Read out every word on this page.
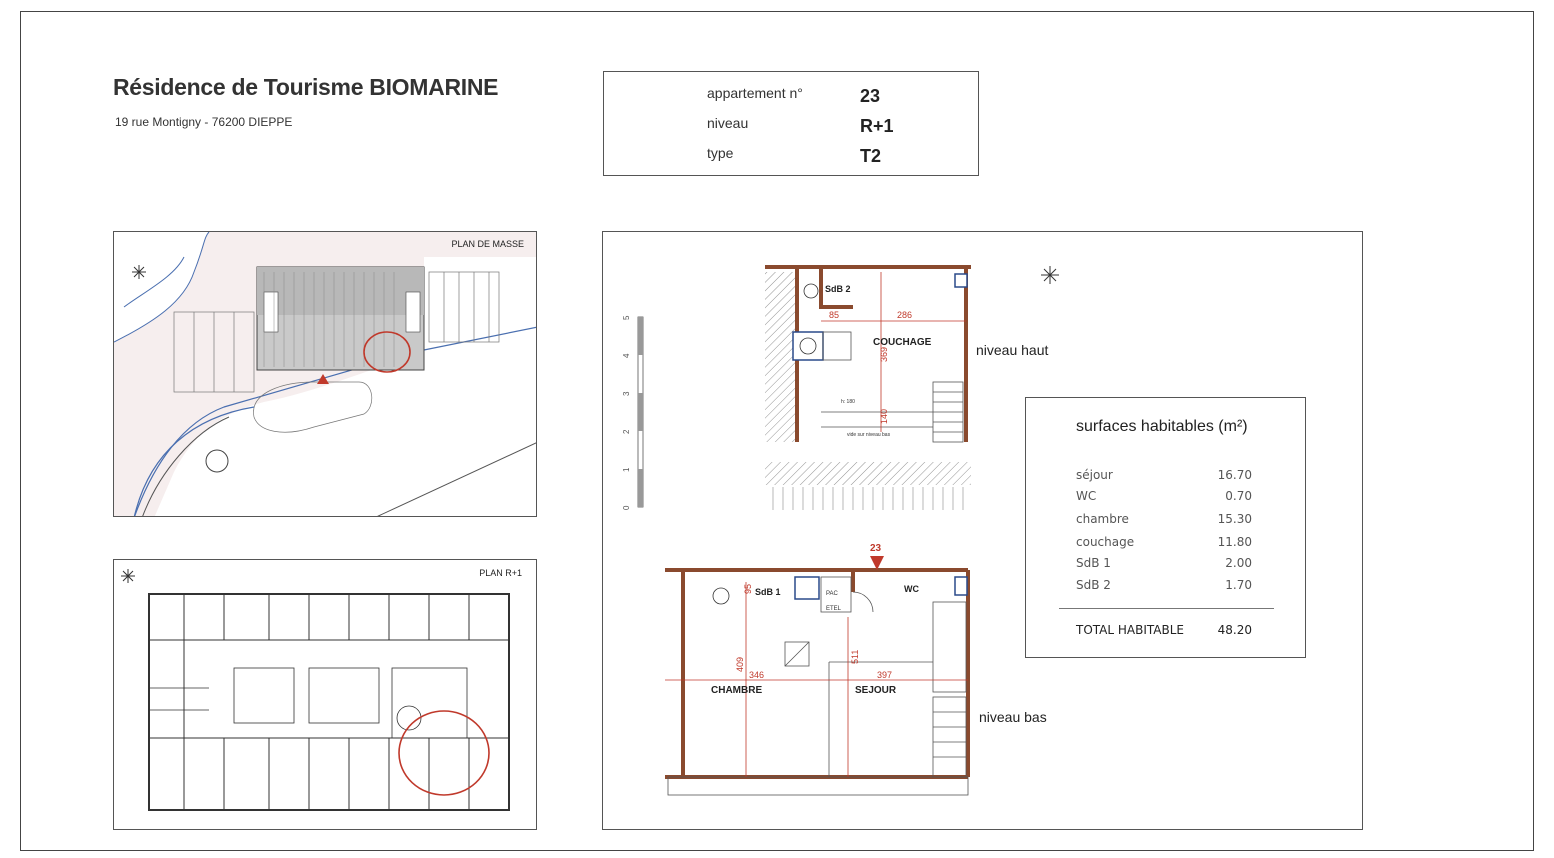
Résidence de Tourisme BIOMARINE
19 rue Montigny - 76200 DIEPPE
appartement n°	23
niveau	R+1
type	T2
PLAN DE MASSE
PLAN R+1
0
1
2
3
4
5	85	286
369
140
SdB 2
COUCHAGE
h: 180
vide sur niveau bas
23
95
409
346
511
397
CHAMBRE	SEJOUR
SdB 1	WC
PAC
ETEL
niveau haut
niveau bas
surfaces habitables (m²)
séjour	16.70
WC	0.70
chambre	15.30
couchage	11.80
SdB 1	2.00
SdB 2	1.70
TOTAL HABITABLE	48.20
